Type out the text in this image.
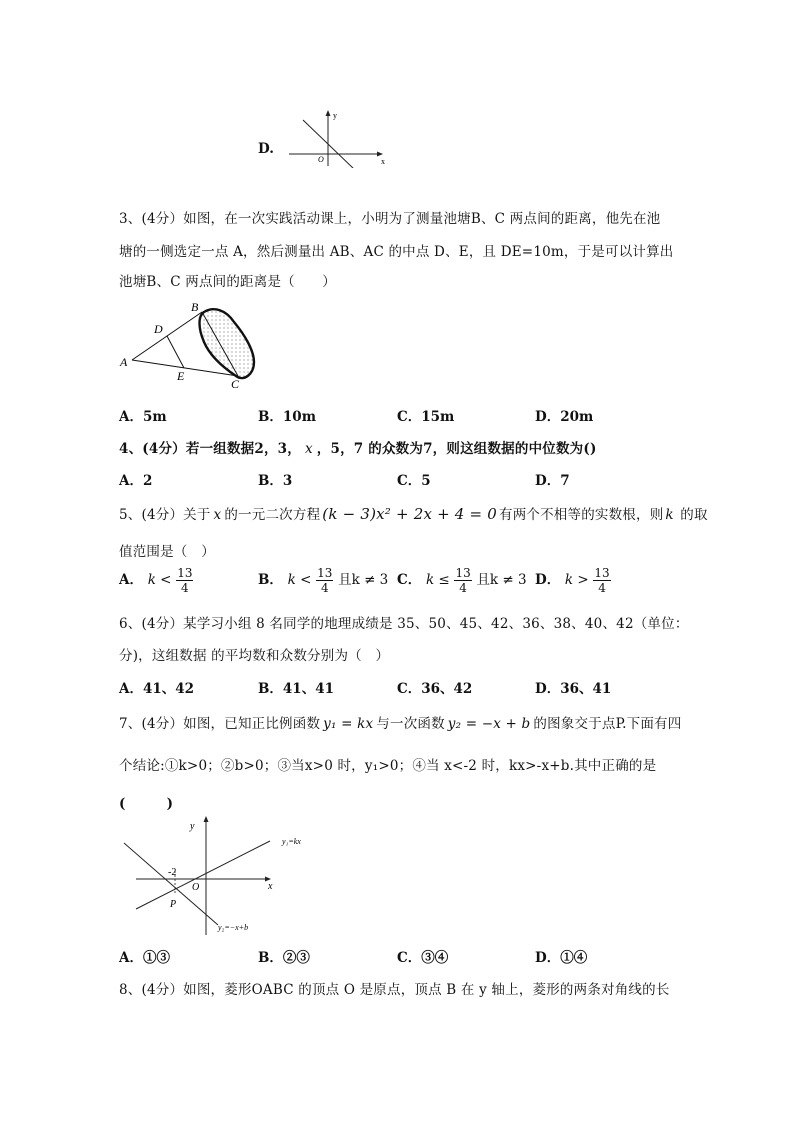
D.
y
x
O
3、(4分）如图，在一次实践活动课上，小明为了测量池塘B、C 两点间的距离，他先在池
塘的一侧选定一点 A，然后测量出 AB、AC 的中点 D、E，且 DE=10m，于是可以计算出
池塘B、C 两点间的距离是（　　）
A
B
C
D
E
A．5m	B．10m	C．15m	D．20m
4、(4分）若一组数据2，3， x ，5，7 的众数为7，则这组数据的中位数为()
A．2	B．3	C．5	D．7
5、(4分）关于 x 的一元二次方程 (k − 3)x² + 2x + 4 = 0 有两个不相等的实数根，则 k 的取
值范围是（　）
A． $k < \frac{13}{4}$	B． $k < \frac{13}{4}$ 且k ≠ 3 C． $k \le \frac{13}{4}$ 且k ≠ 3 D． $k > \frac{13}{4}$
6、(4分）某学习小组 8 名同学的地理成绩是 35、50、45、42、36、38、40、42（单位：
分)，这组数据 的平均数和众数分别为（　）
A．41、42	B．41、41	C．36、42	D．36、41
7、(4分）如图，已知正比例函数 y₁ = kx 与一次函数 y₂ = −x + b 的图象交于点P.下面有四
个结论:①k>0；②b>0；③当x>0 时，y₁>0；④当 x<-2 时，kx>-x+b.其中正确的是
(　　　)
y
x
O
P
-2
y₁=kx
y₂=−x+b
A．①③	B．②③	C．③④	D．①④
8、(4分）如图，菱形OABC 的顶点 O 是原点，顶点 B 在 y 轴上，菱形的两条对角线的长
